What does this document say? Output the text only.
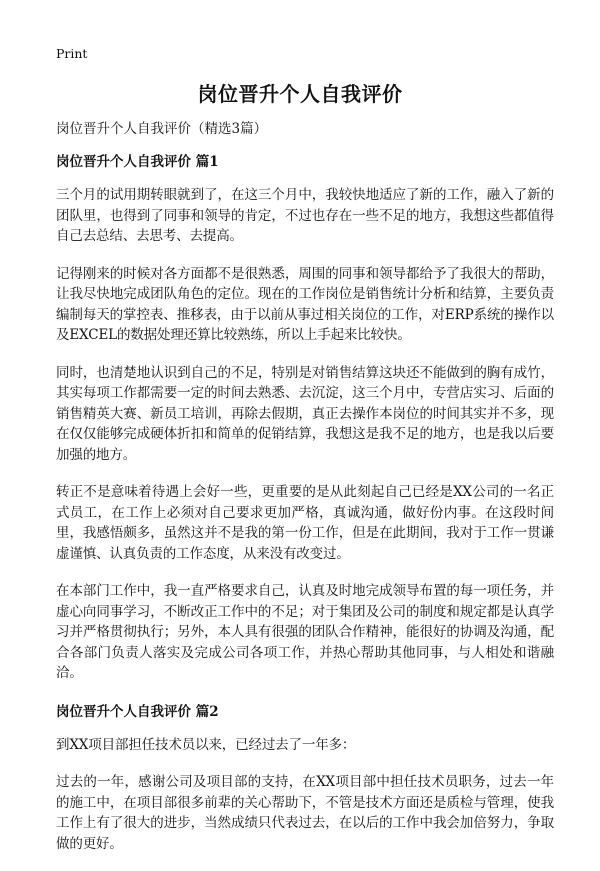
Print
岗位晋升个人自我评价

岗位晋升个人自我评价（精选3篇）

岗位晋升个人自我评价 篇1

三个月的试用期转眼就到了，在这三个月中，我较快地适应了新的工作，融入了新的团队里，也得到了同事和领导的肯定，不过也存在一些不足的地方，我想这些都值得自己去总结、去思考、去提高。

记得刚来的时候对各方面都不是很熟悉，周围的同事和领导都给予了我很大的帮助，让我尽快地完成团队角色的定位。现在的工作岗位是销售统计分析和结算，主要负责编制每天的掌控表、推移表，由于以前从事过相关岗位的工作，对ERP系统的操作以及EXCEL的数据处理还算比较熟练，所以上手起来比较快。

同时，也清楚地认识到自己的不足，特别是对销售结算这块还不能做到的胸有成竹，其实每项工作都需要一定的时间去熟悉、去沉淀，这三个月中，专营店实习、后面的销售精英大赛、新员工培训，再除去假期，真正去操作本岗位的时间其实并不多，现在仅仅能够完成硬体折扣和简单的促销结算，我想这是我不足的地方，也是我以后要加强的地方。

转正不是意味着待遇上会好一些，更重要的是从此刻起自己已经是XX公司的一名正式员工，在工作上必须对自己要求更加严格，真诚沟通，做好份内事。在这段时间里，我感悟颇多，虽然这并不是我的第一份工作，但是在此期间，我对于工作一贯谦虚谨慎、认真负责的工作态度，从来没有改变过。

在本部门工作中，我一直严格要求自己，认真及时地完成领导布置的每一项任务，并虚心向同事学习，不断改正工作中的不足；对于集团及公司的制度和规定都是认真学习并严格贯彻执行；另外，本人具有很强的团队合作精神，能很好的协调及沟通，配合各部门负责人落实及完成公司各项工作，并热心帮助其他同事，与人相处和谐融洽。

岗位晋升个人自我评价 篇2

到XX项目部担任技术员以来，已经过去了一年多：

过去的一年，感谢公司及项目部的支持，在XX项目部中担任技术员职务，过去一年的施工中，在项目部很多前辈的关心帮助下，不管是技术方面还是质检与管理，使我工作上有了很大的进步，当然成绩只代表过去，在以后的工作中我会加倍努力，争取做的更好。
